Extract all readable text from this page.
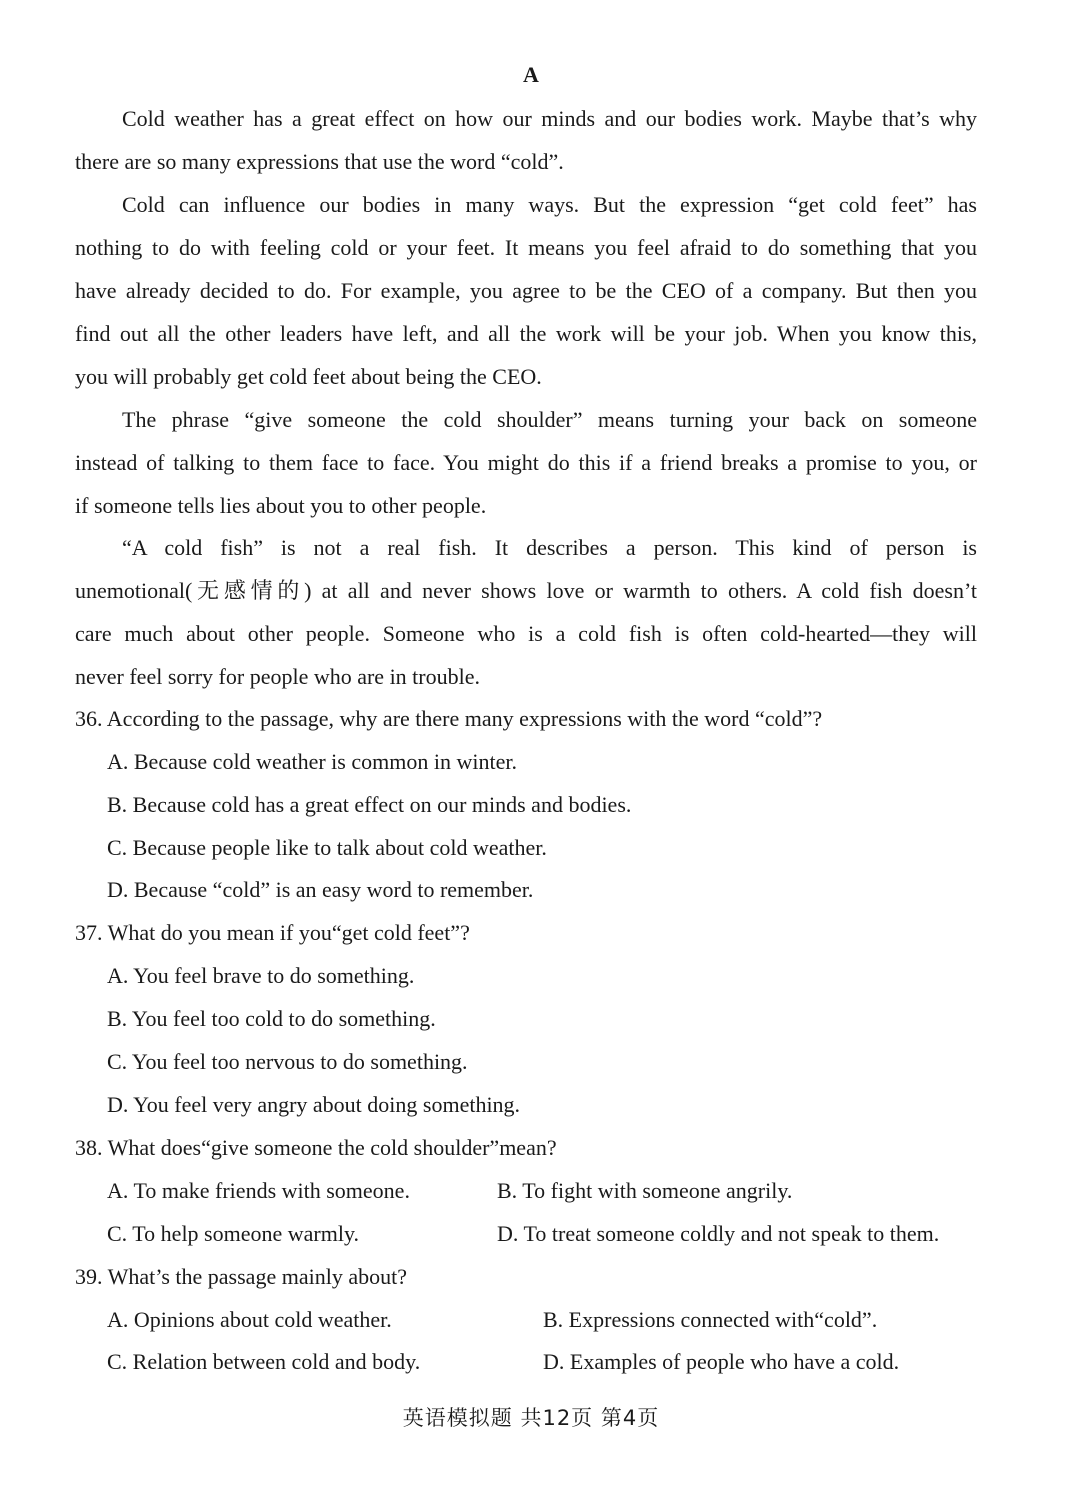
A
Cold weather has a great effect on how our minds and our bodies work. Maybe that’s why
there are so many expressions that use the word “cold”.
Cold can influence our bodies in many ways. But the expression “get cold feet” has
nothing to do with feeling cold or your feet. It means you feel afraid to do something that you
have already decided to do. For example, you agree to be the CEO of a company. But then you
find out all the other leaders have left, and all the work will be your job. When you know this,
you will probably get cold feet about being the CEO.
The phrase “give someone the cold shoulder” means turning your back on someone
instead of talking to them face to face. You might do this if a friend breaks a promise to you, or
if someone tells lies about you to other people.
“A cold fish” is not a real fish. It describes a person. This kind of person is
unemotional(无感情的) at all and never shows love or warmth to others. A cold fish doesn’t
care much about other people. Someone who is a cold fish is often cold-hearted—they will
never feel sorry for people who are in trouble.
36. According to the passage, why are there many expressions with the word “cold”?
A. Because cold weather is common in winter.
B. Because cold has a great effect on our minds and bodies.
C. Because people like to talk about cold weather.
D. Because “cold” is an easy word to remember.
37. What do you mean if you“get cold feet”?
A. You feel brave to do something.
B. You feel too cold to do something.
C. You feel too nervous to do something.
D. You feel very angry about doing something.
38. What does“give someone the cold shoulder”mean?
A. To make friends with someone.	B. To fight with someone angrily.
C. To help someone warmly.	D. To treat someone coldly and not speak to them.
39. What’s the passage mainly about?
A. Opinions about cold weather.	B. Expressions connected with“cold”.
C. Relation between cold and body.	D. Examples of people who have a cold.
英语模拟题 共12页 第4页
